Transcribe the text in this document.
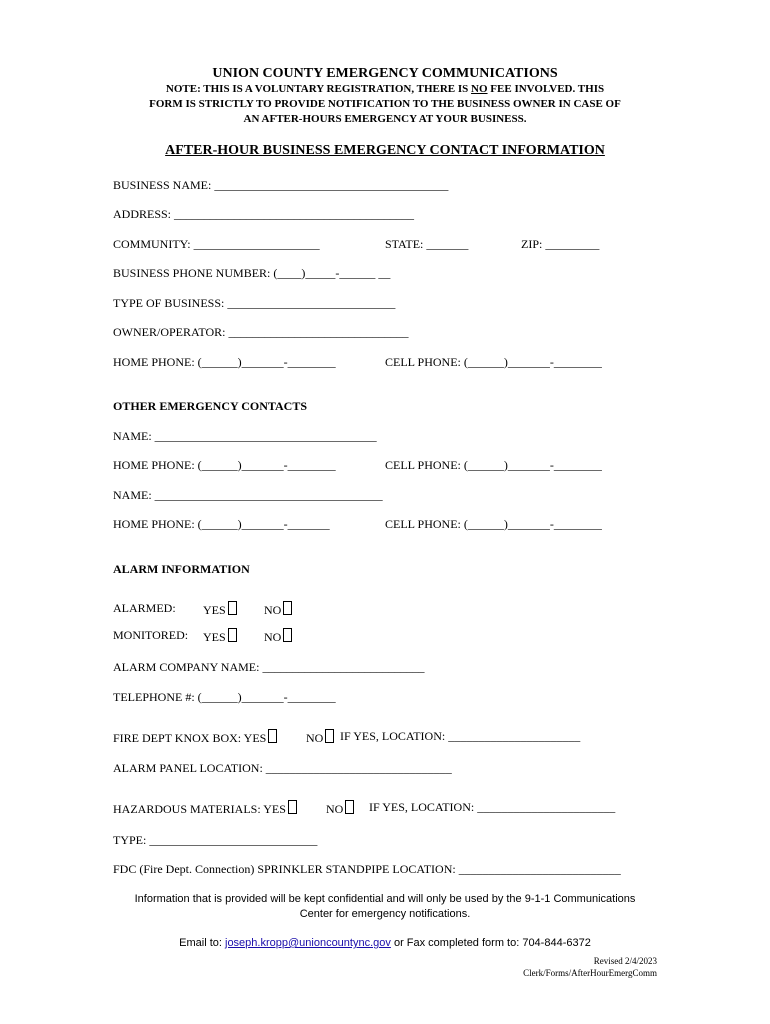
UNION COUNTY EMERGENCY COMMUNICATIONS
NOTE: THIS IS A VOLUNTARY REGISTRATION, THERE IS NO FEE INVOLVED. THIS
FORM IS STRICTLY TO PROVIDE NOTIFICATION TO THE BUSINESS OWNER IN CASE OF
AN AFTER-HOURS EMERGENCY AT YOUR BUSINESS.
AFTER-HOUR BUSINESS EMERGENCY CONTACT INFORMATION
BUSINESS NAME: _______________________________________
ADDRESS: ________________________________________
COMMUNITY: _____________________	STATE: _______	ZIP: _________
BUSINESS PHONE NUMBER: (____)_____-______ __
TYPE OF BUSINESS: ____________________________
OWNER/OPERATOR: ______________________________
HOME PHONE: (______)_______-________	CELL PHONE: (______)_______-________
OTHER EMERGENCY CONTACTS
NAME: _____________________________________
HOME PHONE: (______)_______-________	CELL PHONE: (______)_______-________
NAME: ______________________________________
HOME PHONE: (______)_______-_______	CELL PHONE: (______)_______-________
ALARM INFORMATION
ALARMED: YES	NO
MONITORED: YES	NO
ALARM COMPANY NAME: ___________________________
TELEPHONE #: (______)_______-________
FIRE DEPT KNOX BOX: YES	NO	IF YES, LOCATION: ______________________
ALARM PANEL LOCATION: _______________________________
HAZARDOUS MATERIALS: YES	NO	IF YES, LOCATION: _______________________
TYPE: ____________________________
FDC (Fire Dept. Connection) SPRINKLER STANDPIPE LOCATION: ___________________________
Information that is provided will be kept confidential and will only be used by the 9-1-1 Communications
Center for emergency notifications.
Email to: joseph.kropp@unioncountync.gov or Fax completed form to: 704-844-6372
Revised 2/4/2023
Clerk/Forms/AfterHourEmergComm
